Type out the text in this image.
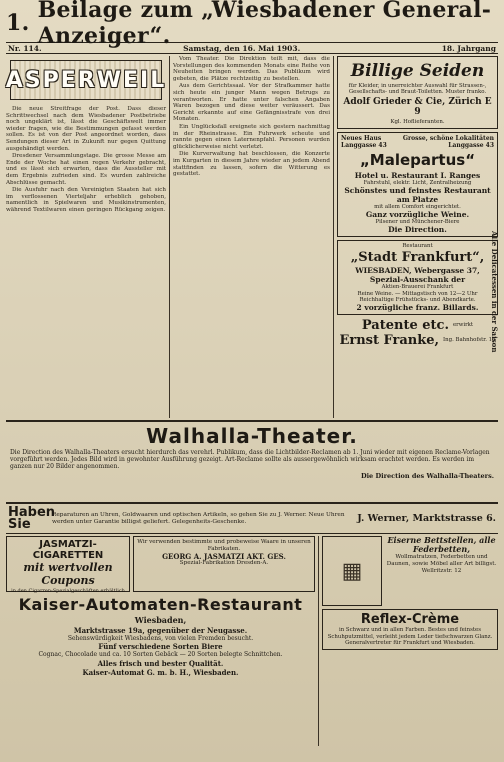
1. Beilage zum „Wiesbadener General-Anzeiger“.
Nr. 114.	Samstag, den 16. Mai 1903.	18. Jahrgang
ASPERWEIL

Die neue Streitfrage der Post. Dass dieser Schrittwechsel nach dem Wiesbadener Postbetriebe noch ungeklärt ist, lässt die Geschäftswelt immer wieder fragen, wie die Bestimmungen gefasst werden sollen. Es ist von der Post angeordnet worden, dass Sendungen dieser Art in Zukunft nur gegen Quittung ausgehändigt werden.

Dresdener Versammlungstage. Die grosse Messe am Ende der Woche hat einen regen Verkehr gebracht, und es lässt sich erwarten, dass die Aussteller mit dem Ergebnis zufrieden sind. Es wurden zahlreiche Abschlüsse gemacht.

Die Ausfuhr nach den Vereinigten Staaten hat sich im verflossenen Vierteljahr erheblich gehoben, namentlich in Spielwaren und Musikinstrumenten, während Textilwaren einen geringen Rückgang zeigen.

Vom Theater. Die Direktion teilt mit, dass die Vorstellungen des kommenden Monats eine Reihe von Neuheiten bringen werden. Das Publikum wird gebeten, die Plätze rechtzeitig zu bestellen.

Aus dem Gerichtssaal. Vor der Strafkammer hatte sich heute ein junger Mann wegen Betrugs zu verantworten. Er hatte unter falschen Angaben Waren bezogen und diese weiter veräussert. Das Gericht erkannte auf eine Gefängnisstrafe von drei Monaten.

Ein Unglücksfall ereignete sich gestern nachmittag in der Rheinstrasse. Ein Fuhrwerk scheute und rannte gegen einen Laternenpfahl. Personen wurden glücklicherweise nicht verletzt.

Die Kurverwaltung hat beschlossen, die Konzerte im Kurgarten in diesem Jahre wieder an jedem Abend stattfinden zu lassen, sofern die Witterung es gestattet.

Billige Seiden
für Kleider, in unerreichter Auswahl für Strassen-, Gesellschafts- und Braut-Toiletten. Muster franko.
Adolf Grieder & Cie, Zürich E 9
Kgl. Hoflieferanten.
Neues Haus	Grosse, schöne Lokalitäten
Langgasse 43	Langgasse 43
„Malepartus“
Hotel u. Restaurant I. Ranges
Fahrstuhl, elektr. Licht, Zentralheizung
Schönstes und feinstes Restaurant am Platze
mit allem Comfort eingerichtet.
Ganz vorzügliche Weine.
Pilsener und Münchener-Biere
Die Direction.
Restaurant
„Stadt Frankfurt“,
WIESBADEN, Webergasse 37,
Spezial-Ausschank der
Aktien-Brauerei Frankfurt
Reine Weine. — Mittagstisch von 12—2 Uhr
Reichhaltige Frühstücks- und Abendkarte.
2 vorzügliche franz. Billards.
Patente etc. erwirkt
Ernst Franke, Ing. Bahnhofstr. 16
Alle Delicatessen in der Saison
Walhalla-Theater.
Die Direction des Walhalla-Theaters ersucht hierdurch das verehrl. Publikum, dass die Lichtbilder-Reclamen ab 1. Juni wieder mit eigenen Reclame-Vorlagen vorgeführt werden. Jedes Bild wird in gewohnter Ausführung gezeigt. Art-Reclame sollte als aussergewöhnlich wirksam erachtet werden. Es werden im ganzen nur 20 Bilder angenommen.
Die Direction des Walhalla-Theaters.
Haben Sie
Reparaturen an Uhren, Goldwaaren und optischen Artikeln, so gehen Sie zu J. Werner. Neue Uhren werden unter Garantie billigst geliefert. Gelegenheits-Geschenke.	J. Werner, Marktstrasse 6.
JASMATZI-CIGARETTEN
mit wertvollen Coupons
in den Cigarren-Spezialgeschäften erhältlich
Wir verwenden bestimmte und probeweise Waare in unseren Fabrikaten.
GEORG A. JASMATZI AKT. GES.
Spezial-Fabrikation Dresden-A.
Kaiser-Automaten-Restaurant
Wiesbaden,
Marktstrasse 19a, gegenüber der Neugasse.
Sehenswürdigkeit Wiesbadens, von vielen Fremden besucht.
Fünf verschiedene Sorten Biere
Cognac, Chocolade und ca. 10 Sorten Gebäck — 20 Sorten belegte Schnittchen.
Alles frisch und bester Qualität.
Kaiser-Automat G. m. b. H., Wiesbaden.
▦
Eiserne Bettstellen, alle Federbetten,
Wollmatratzen, Federbetten und Daunen, sowie Möbel aller Art billigst.
Wellritzstr. 12
Reflex-Crème
in Schwarz und in allen Farben. Bestes und feinstes Schuhputzmittel, verleiht jedem Leder tiefschwarzen Glanz. Generalvertreter für Frankfurt und Wiesbaden.
